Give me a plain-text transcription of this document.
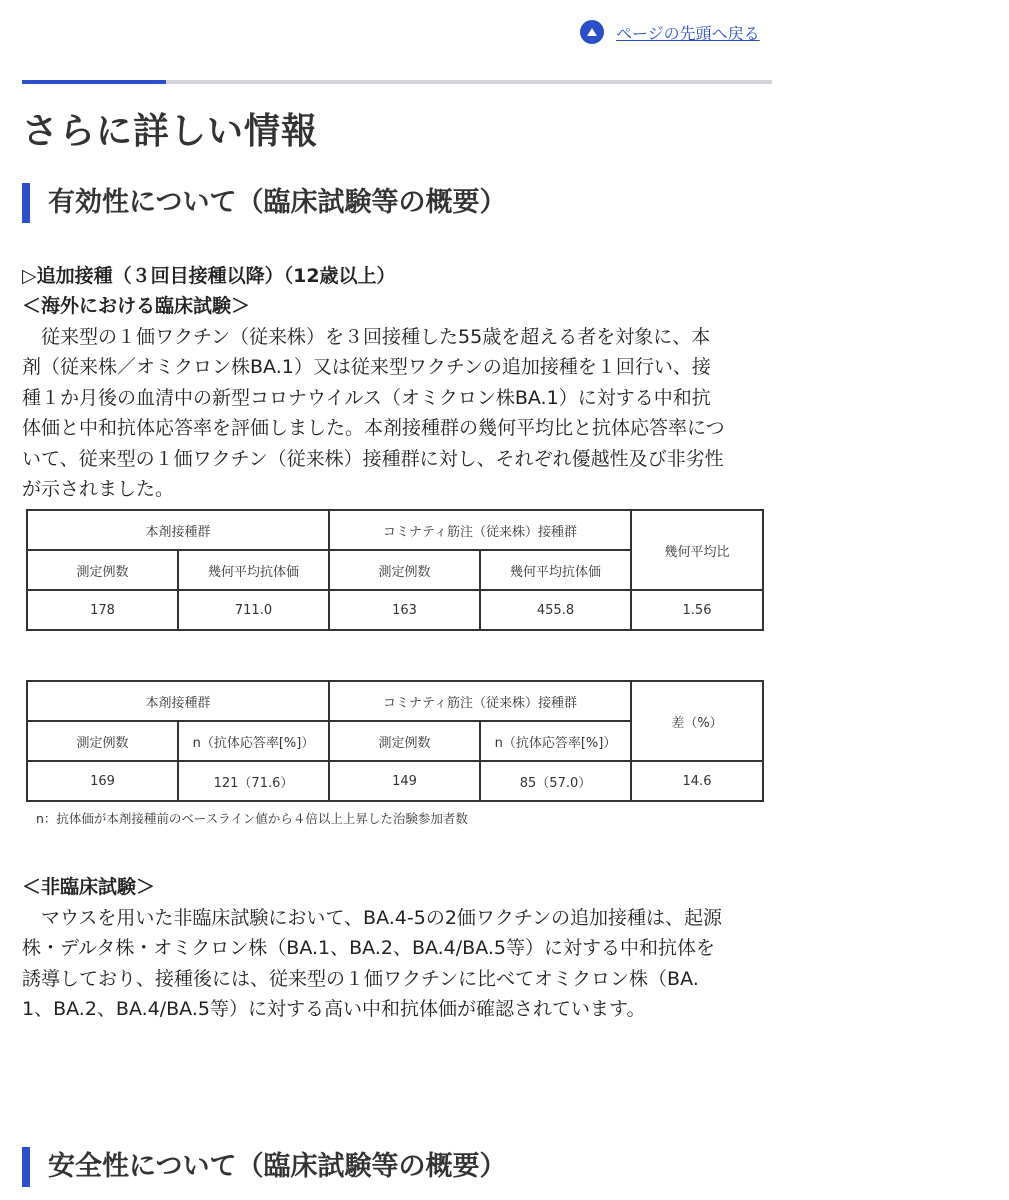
ページの先頭へ戻る
さらに詳しい情報
有効性について（臨床試験等の概要）

▷追加接種（３回目接種以降）（12歳以上）

＜海外における臨床試験＞

従来型の１価ワクチン（従来株）を３回接種した55歳を超える者を対象に、本
剤（従来株／オミクロン株BA.1）又は従来型ワクチンの追加接種を１回行い、接
種１か月後の血清中の新型コロナウイルス（オミクロン株BA.1）に対する中和抗
体価と中和抗体応答率を評価しました。本剤接種群の幾何平均比と抗体応答率につ
いて、従来型の１価ワクチン（従来株）接種群に対し、それぞれ優越性及び非劣性
が示されました。
本剤接種群		コミナティ筋注（従来株）接種群		幾何平均比
測定例数	幾何平均抗体価	測定例数	幾何平均抗体価	
178	711.0	163	455.8	1.56
本剤接種群		コミナティ筋注（従来株）接種群		差（%）
測定例数	n（抗体応答率[%]）	測定例数	n（抗体応答率[%]）	
169	121（71.6）	149	85（57.0）	14.6

n：抗体価が本剤接種前のベースライン値から４倍以上上昇した治験参加者数

＜非臨床試験＞

マウスを用いた非臨床試験において、BA.4-5の2価ワクチンの追加接種は、起源
株・デルタ株・オミクロン株（BA.1、BA.2、BA.4/BA.5等）に対する中和抗体を
誘導しており、接種後には、従来型の１価ワクチンに比べてオミクロン株（BA.
1、BA.2、BA.4/BA.5等）に対する高い中和抗体価が確認されています。
安全性について（臨床試験等の概要）
